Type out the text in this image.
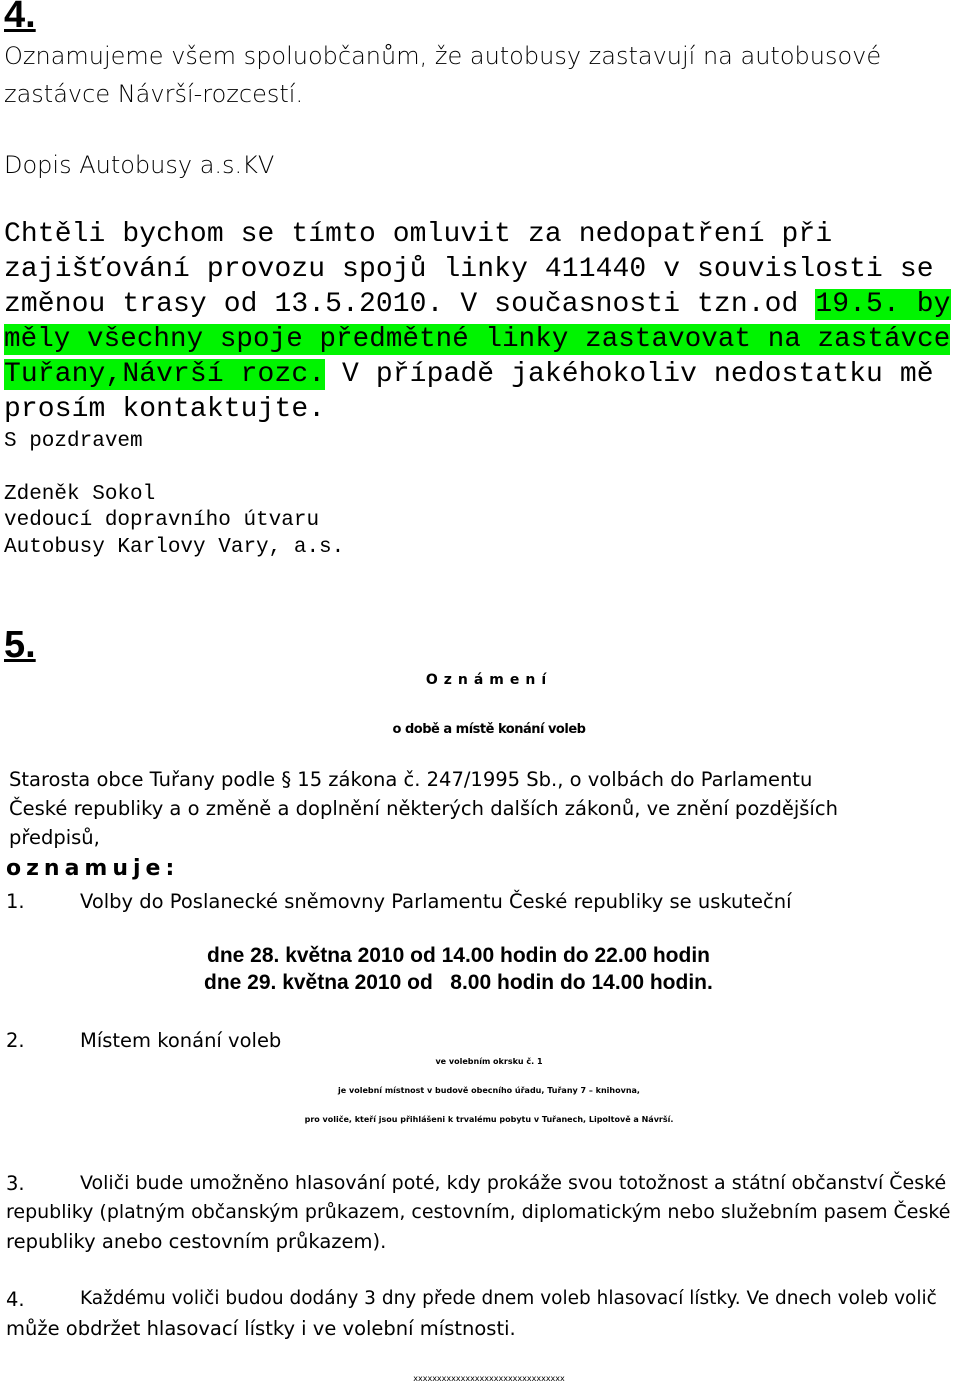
4.
Oznamujeme všem spoluobčanům, že autobusy zastavují na autobusové
zastávce Návrší-rozcestí.
Dopis Autobusy a.s.KV
Chtěli bychom se tímto omluvit za nedopatření při
zajišťování provozu spojů linky 411440 v souvislosti se
změnou trasy od 13.5.2010. V současnosti tzn.od 19.5. by
měly všechny spoje předmětné linky zastavovat na zastávce
Tuřany,Návrší rozc. V případě jakéhokoliv nedostatku mě
prosím kontaktujte.
S pozdravem
Zdeněk Sokol
vedoucí dopravního útvaru
Autobusy Karlovy Vary, a.s.
5.
Oznámení
o době a místě konání voleb
Starosta obce Tuřany podle § 15 zákona č. 247/1995 Sb., o volbách do Parlamentu
České republiky a o změně a doplnění některých dalších zákonů, ve znění pozdějších
předpisů,
oznamuje:
1.	Volby do Poslanecké sněmovny Parlamentu České republiky se uskuteční
dne 28. května 2010 od 14.00 hodin do 22.00 hodin
dne 29. května 2010 od   8.00 hodin do 14.00 hodin.
2.	Místem konání voleb
ve volebním okrsku č. 1
je volební místnost v budově obecního úřadu, Tuřany 7 – knihovna,
pro voliče, kteří jsou přihlášeni k trvalému pobytu v Tuřanech, Lipoltově a Návrší.
3.	Voliči bude umožněno hlasování poté, kdy prokáže svou totožnost a státní občanství České
republiky (platným občanským průkazem, cestovním, diplomatickým nebo služebním pasem České
republiky anebo cestovním průkazem).
4.	Každému voliči budou dodány 3 dny přede dnem voleb hlasovací lístky. Ve dnech voleb volič
může obdržet hlasovací lístky i ve volební místnosti.
xxxxxxxxxxxxxxxxxxxxxxxxxxxxxxxx
